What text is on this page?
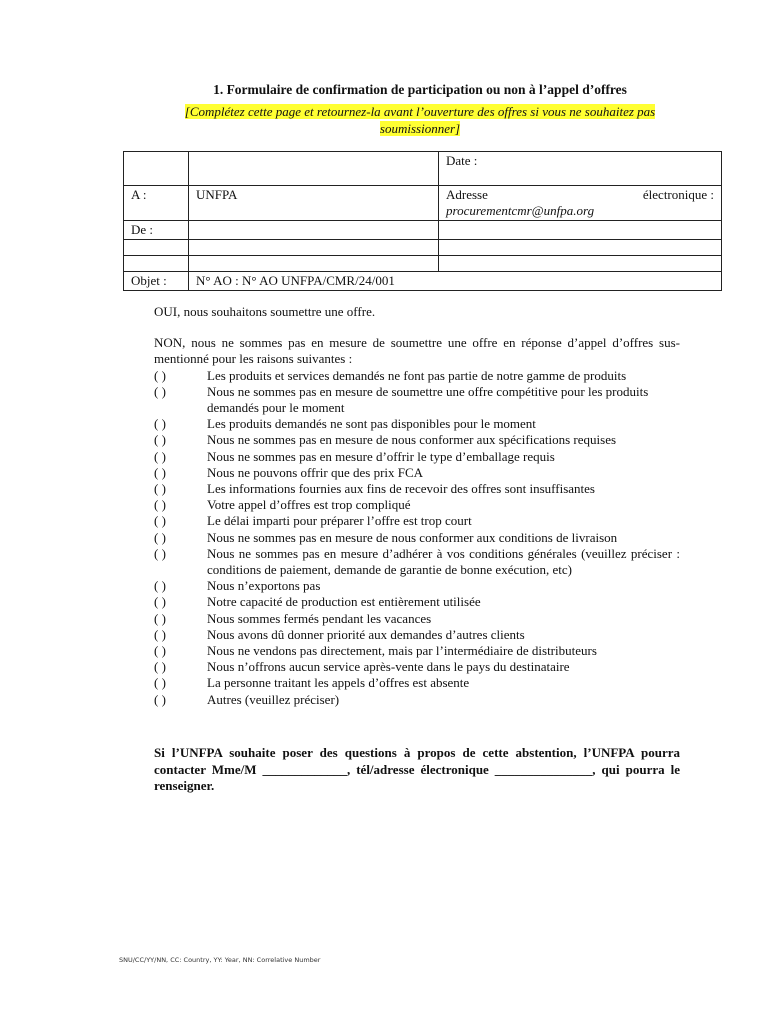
1. Formulaire de confirmation de participation ou non à l’appel d’offres
[Complétez cette page et retournez-la avant l’ouverture des offres si vous ne souhaitez pas soumissionner]
		Date :
A :	UNFPA	Adresse électronique :
procurementcmr@unfpa.org

De :		

Objet :	N° AO : N° AO UNFPA/CMR/24/001	

OUI, nous souhaitons soumettre une offre.

NON, nous ne sommes pas en mesure de soumettre une offre en réponse d’appel d’offres sus-mentionné pour les raisons suivantes :

( )	Les produits et services demandés ne font pas partie de notre gamme de produits
( )	Nous ne sommes pas en mesure de soumettre une offre compétitive pour les produits demandés pour le moment
( )	Les produits demandés ne sont pas disponibles pour le moment
( )	Nous ne sommes pas en mesure de nous conformer aux spécifications requises
( )	Nous ne sommes pas en mesure d’offrir le type d’emballage requis
( )	Nous ne pouvons offrir que des prix FCA
( )	Les informations fournies aux fins de recevoir des offres sont insuffisantes
( )	Votre appel d’offres est trop compliqué
( )	Le délai imparti pour préparer l’offre est trop court
( )	Nous ne sommes pas en mesure de nous conformer aux conditions de livraison
( )	Nous ne sommes pas en mesure d’adhérer à vos conditions générales (veuillez préciser : conditions de paiement, demande de garantie de bonne exécution, etc)
( )	Nous n’exportons pas
( )	Notre capacité de production est entièrement utilisée
( )	Nous sommes fermés pendant les vacances
( )	Nous avons dû donner priorité aux demandes d’autres clients
( )	Nous ne vendons pas directement, mais par l’intermédiaire de distributeurs
( )	Nous n’offrons aucun service après-vente dans le pays du destinataire
( )	La personne traitant les appels d’offres est absente
( )	Autres (veuillez préciser)
Si l’UNFPA souhaite poser des questions à propos de cette abstention, l’UNFPA pourra contacter Mme/M _____________, tél/adresse électronique _______________, qui pourra le renseigner.
SNU/CC/YY/NN, CC: Country, YY: Year, NN: Correlative Number
